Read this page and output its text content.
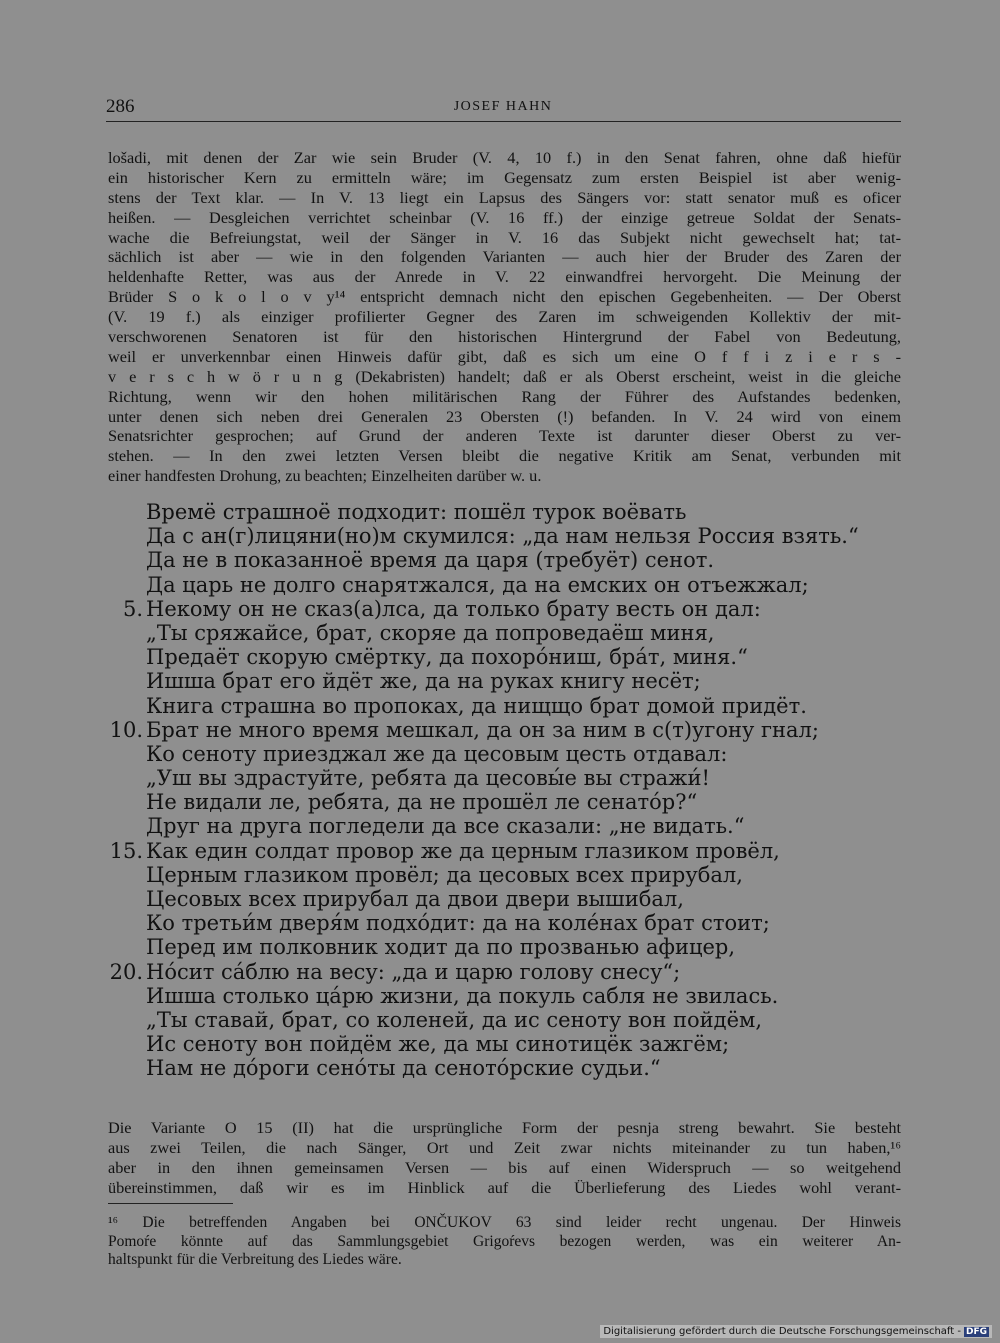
286	JOSEF HAHN
lošadi, mit denen der Zar wie sein Bruder (V. 4, 10 f.) in den Senat fahren, ohne daß hiefür
ein historischer Kern zu ermitteln wäre; im Gegensatz zum ersten Beispiel ist aber wenig-
stens der Text klar. — In V. 13 liegt ein Lapsus des Sängers vor: statt senator muß es oficer
heißen. — Desgleichen verrichtet scheinbar (V. 16 ff.) der einzige getreue Soldat der Senats-
wache die Befreiungstat, weil der Sänger in V. 16 das Subjekt nicht gewechselt hat; tat-
sächlich ist aber — wie in den folgenden Varianten — auch hier der Bruder des Zaren der
heldenhafte Retter, was aus der Anrede in V. 22 einwandfrei hervorgeht. Die Meinung der
Brüder S o k o l o v y¹⁴ entspricht demnach nicht den epischen Gegebenheiten. — Der Oberst
(V. 19 f.) als einziger profilierter Gegner des Zaren im schweigenden Kollektiv der mit-
verschworenen Senatoren ist für den historischen Hintergrund der Fabel von Bedeutung,
weil er unverkennbar einen Hinweis dafür gibt, daß es sich um eine O f f i z i e r s -
v e r s c h w ö r u n g (Dekabristen) handelt; daß er als Oberst erscheint, weist in die gleiche
Richtung, wenn wir den hohen militärischen Rang der Führer des Aufstandes bedenken,
unter denen sich neben drei Generalen 23 Obersten (!) befanden. In V. 24 wird von einem
Senatsrichter gesprochen; auf Grund der anderen Texte ist darunter dieser Oberst zu ver-
stehen. — In den zwei letzten Versen bleibt die negative Kritik am Senat, verbunden mit
einer handfesten Drohung, zu beachten; Einzelheiten darüber w. u.
Времё страшноё подходит: пошёл турок воёвать
Да с ан(г)лицяни(но)м скумился: „да нам нельзя Россия взять.“
Да не в показанноё время да царя (требуёт) сенот.
Да царь не долго снарятжался, да на емских он отъежжал;
5. Некому он не сказ(а)лса, да только брату весть он дал:
„Ты сряжайсе, брат, скоряе да попроведаёш миня,
Предаёт скорую смёртку, да похорóниш, брáт, миня.“
Ишша брат его йдёт же, да на руках книгу несёт;
Книга страшна во пропоках, да нищщо брат домой придёт.
10. Брат не много время мешкал, да он за ним в с(т)угону гнал;
Ко сеноту приезджал же да цесовым цесть отдавал:
„Уш вы здрастуйте, ребята да цесовы́е вы стражи́!
Не видали ле, ребята, да не прошёл ле сенатóр?“
Друг на друга погледели да все сказали: „не видать.“
15. Как един солдат провор же да церным глазиком провёл,
Церным глазиком провёл; да цесовых всех прирубал,
Цесовых всех прирубал да двои двери вышибал,
Ко третьи́м дверя́м подхóдит: да на колéнах брат стоит;
Перед им полковник ходит да по прозванью афицер,
20. Нóсит сáблю на весу: „да и царю голову снесу“;
Ишша столько цáрю жизни, да покуль сабля не звилась.
„Ты ставай, брат, со коленей, да ис сеноту вон пойдём,
Ис сеноту вон пойдём же, да мы синотицёк зажгём;
Нам не дóроги сенóты да сенотóрские судьи.“
Die Variante O 15 (II) hat die ursprüngliche Form der pesnja streng bewahrt. Sie besteht
aus zwei Teilen, die nach Sänger, Ort und Zeit zwar nichts miteinander zu tun haben,¹⁶
aber in den ihnen gemeinsamen Versen — bis auf einen Widerspruch — so weitgehend
übereinstimmen, daß wir es im Hinblick auf die Überlieferung des Liedes wohl verant-
¹⁶ Die betreffenden Angaben bei ONČUKOV 63 sind leider recht ungenau. Der Hinweis
Pomoŕe könnte auf das Sammlungsgebiet Grigoŕevs bezogen werden, was ein weiterer An-
haltspunkt für die Verbreitung des Liedes wäre.
Digitalisierung gefördert durch die Deutsche Forschungsgemeinschaft - DFG
